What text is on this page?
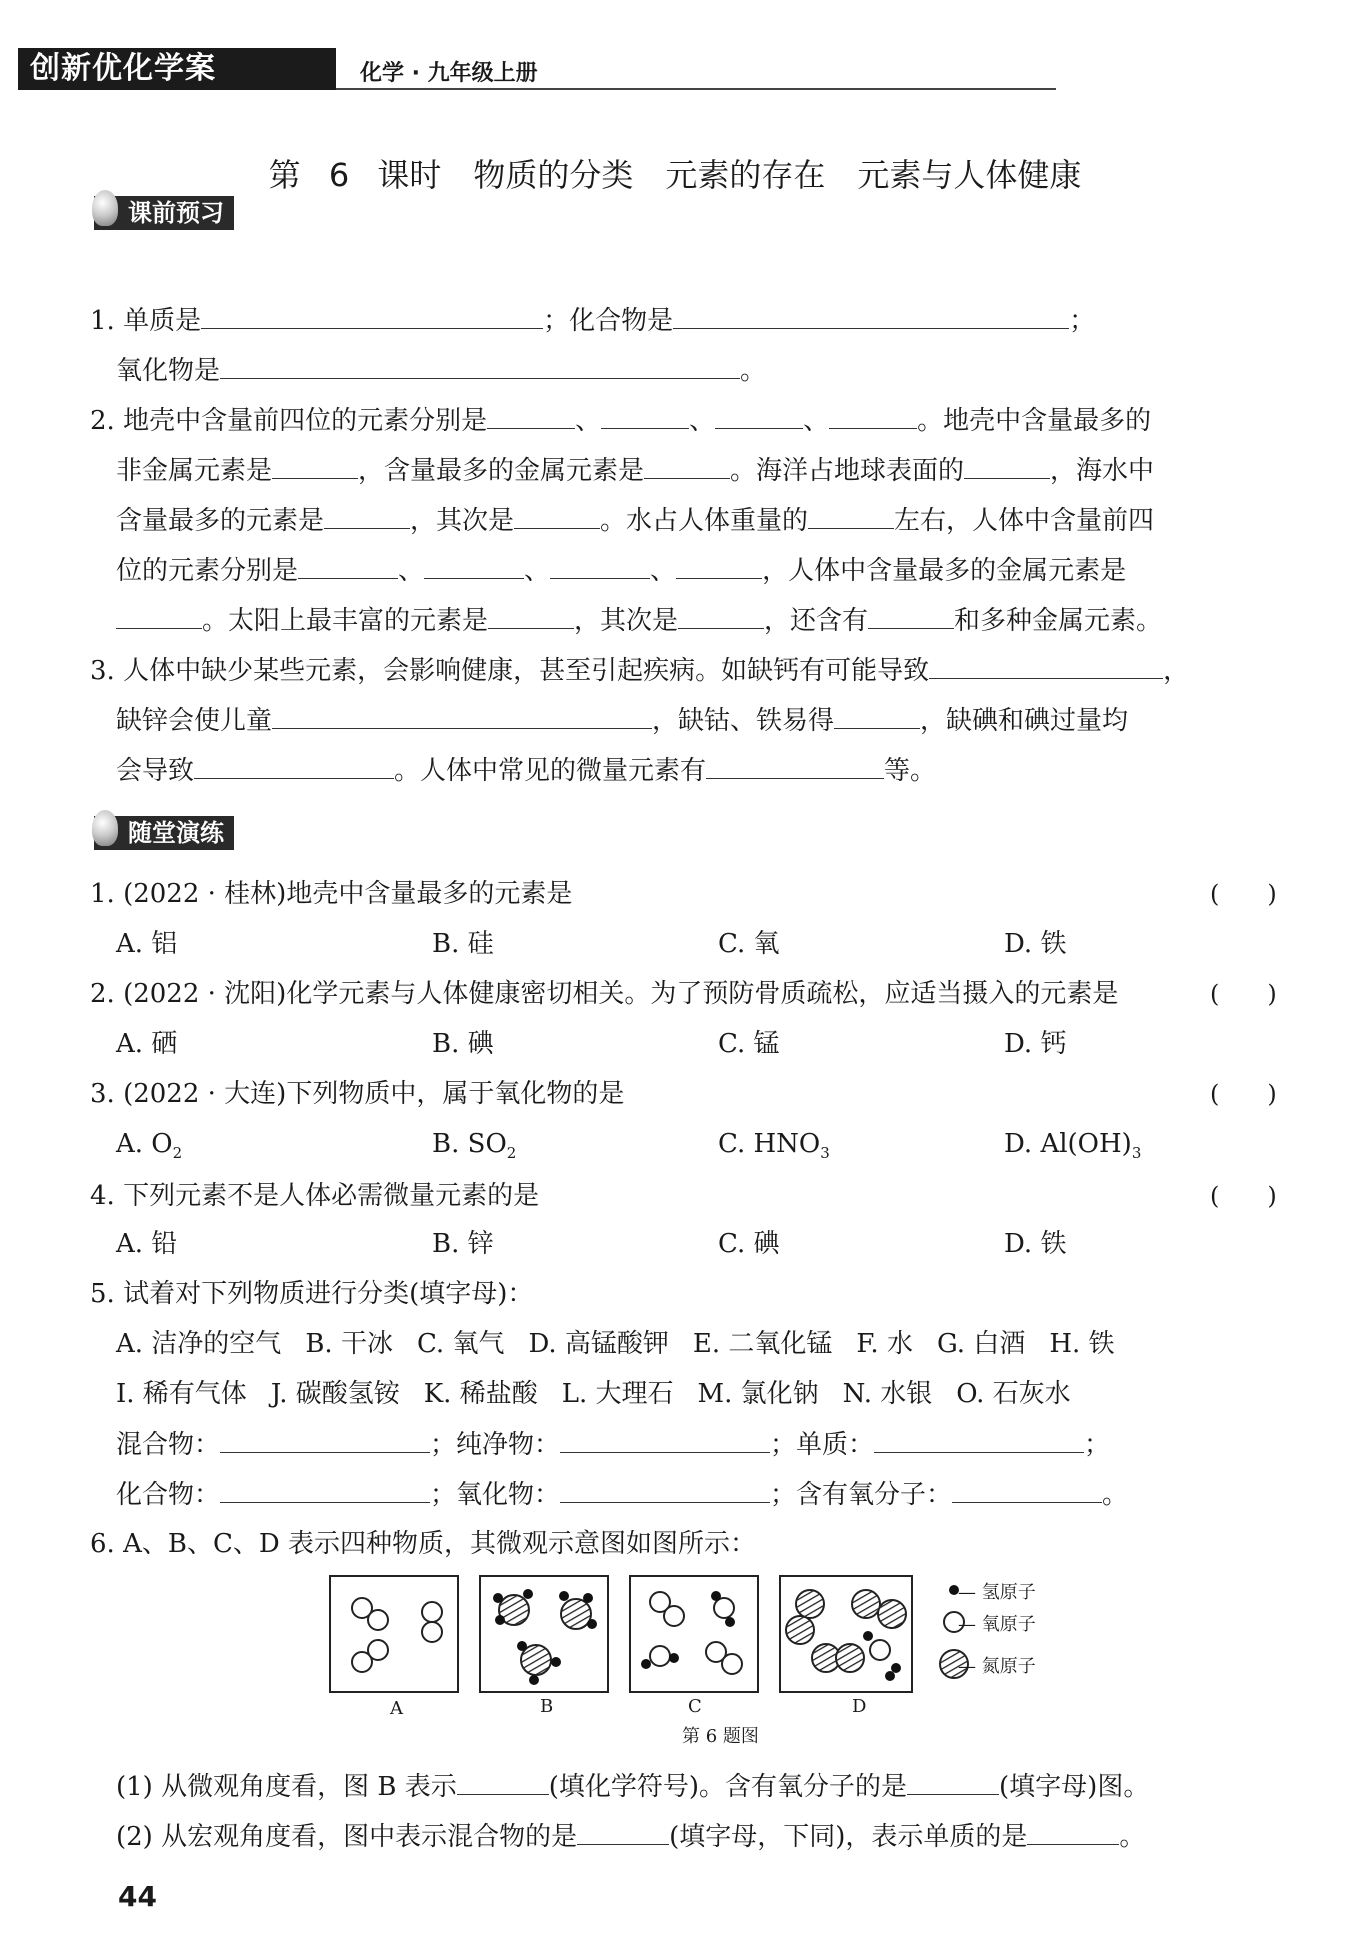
创新优化学案	化学 · 九年级上册
第 6 课时　物质的分类　元素的存在　元素与人体健康
课前预习
1. 单质是	；化合物是	；
氧化物是	。
2. 地壳中含量前四位的元素分别是	、	、	、	。地壳中含量最多的
非金属元素是	，含量最多的金属元素是	。海洋占地球表面的	，海水中
含量最多的元素是	，其次是	。水占人体重量的	左右，人体中含量前四
位的元素分别是	、	、	、	，人体中含量最多的金属元素是
。太阳上最丰富的元素是	，其次是	，还含有	和多种金属元素。
3. 人体中缺少某些元素，会影响健康，甚至引起疾病。如缺钙有可能导致	，
缺锌会使儿童	，缺钴、铁易得	，缺碘和碘过量均
会导致	。人体中常见的微量元素有	等。
随堂演练
1. (2022 · 桂林)地壳中含量最多的元素是	(　　)
A. 铝	B. 硅	C. 氧	D. 铁
2. (2022 · 沈阳)化学元素与人体健康密切相关。为了预防骨质疏松，应适当摄入的元素是	(　　)
A. 硒	B. 碘	C. 锰	D. 钙
3. (2022 · 大连)下列物质中，属于氧化物的是	(　　)
A. $O_2$	B. $SO_2$	C. $HNO_3$	D. $Al(OH)_3$
4. 下列元素不是人体必需微量元素的是	(　　)
A. 铅	B. 锌	C. 碘	D. 铁
5. 试着对下列物质进行分类(填字母)：
A. 洁净的空气 B. 干冰 C. 氧气 D. 高锰酸钾 E. 二氧化锰 F. 水 G. 白酒 H. 铁
I. 稀有气体 J. 碳酸氢铵 K. 稀盐酸 L. 大理石 M. 氯化钠 N. 水银 O. 石灰水
混合物：	；纯净物：	；单质：	；
化合物：	；氧化物：	；含有氧分子：	。
6. A、B、C、D 表示四种物质，其微观示意图如图所示：
— 氢原子
— 氧原子
— 氮原子
A	B	C	D
第 6 题图
(1) 从微观角度看，图 B 表示	(填化学符号)。含有氧分子的是	(填字母)图。
(2) 从宏观角度看，图中表示混合物的是	(填字母，下同)，表示单质的是	。
44
